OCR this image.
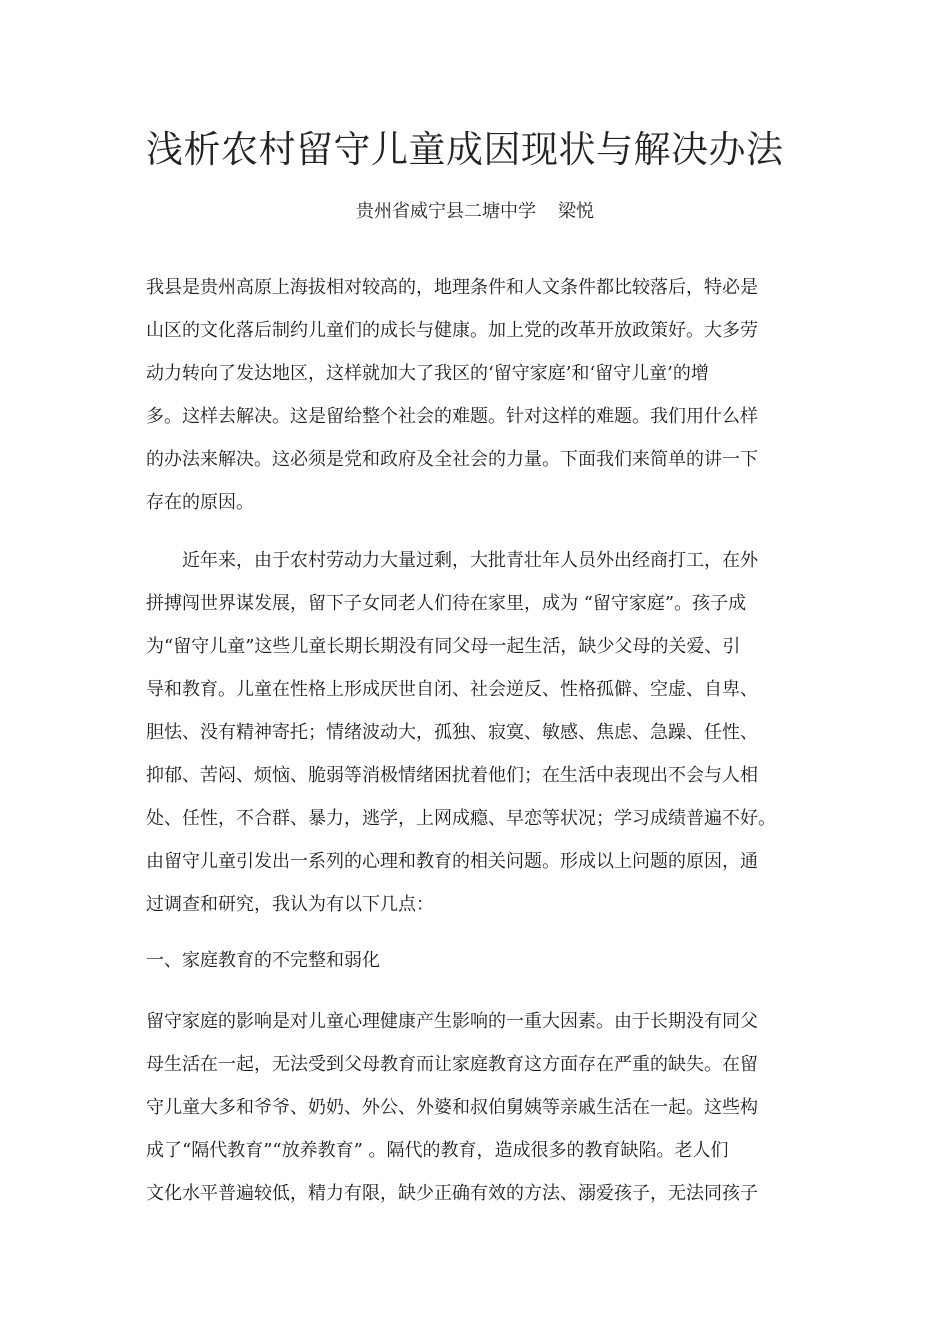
浅析农村留守儿童成因现状与解决办法
贵州省威宁县二塘中学 梁悦
我县是贵州高原上海拔相对较高的，地理条件和人文条件都比较落后，特必是
山区的文化落后制约儿童们的成长与健康。加上党的改革开放政策好。大多劳
动力转向了发达地区，这样就加大了我区的‘留守家庭’和‘留守儿童’的增
多。这样去解决。这是留给整个社会的难题。针对这样的难题。我们用什么样
的办法来解决。这必须是党和政府及全社会的力量。下面我们来简单的讲一下
存在的原因。
近年来，由于农村劳动力大量过剩，大批青壮年人员外出经商打工，在外
拼搏闯世界谋发展，留下子女同老人们待在家里，成为 “留守家庭”。孩子成
为“留守儿童”这些儿童长期长期没有同父母一起生活，缺少父母的关爱、引
导和教育。儿童在性格上形成厌世自闭、社会逆反、性格孤僻、空虚、自卑、
胆怯、没有精神寄托；情绪波动大，孤独、寂寞、敏感、焦虑、急躁、任性、
抑郁、苦闷、烦恼、脆弱等消极情绪困扰着他们；在生活中表现出不会与人相
处、任性，不合群、暴力，逃学，上网成瘾、早恋等状况；学习成绩普遍不好。
由留守儿童引发出一系列的心理和教育的相关问题。形成以上问题的原因，通
过调查和研究，我认为有以下几点：
一、家庭教育的不完整和弱化
留守家庭的影响是对儿童心理健康产生影响的一重大因素。由于长期没有同父
母生活在一起，无法受到父母教育而让家庭教育这方面存在严重的缺失。在留
守儿童大多和爷爷、奶奶、外公、外婆和叔伯舅姨等亲戚生活在一起。这些构
成了“隔代教育”“放养教育” 。隔代的教育，造成很多的教育缺陷。老人们
文化水平普遍较低，精力有限，缺少正确有效的方法、溺爱孩子，无法同孩子
